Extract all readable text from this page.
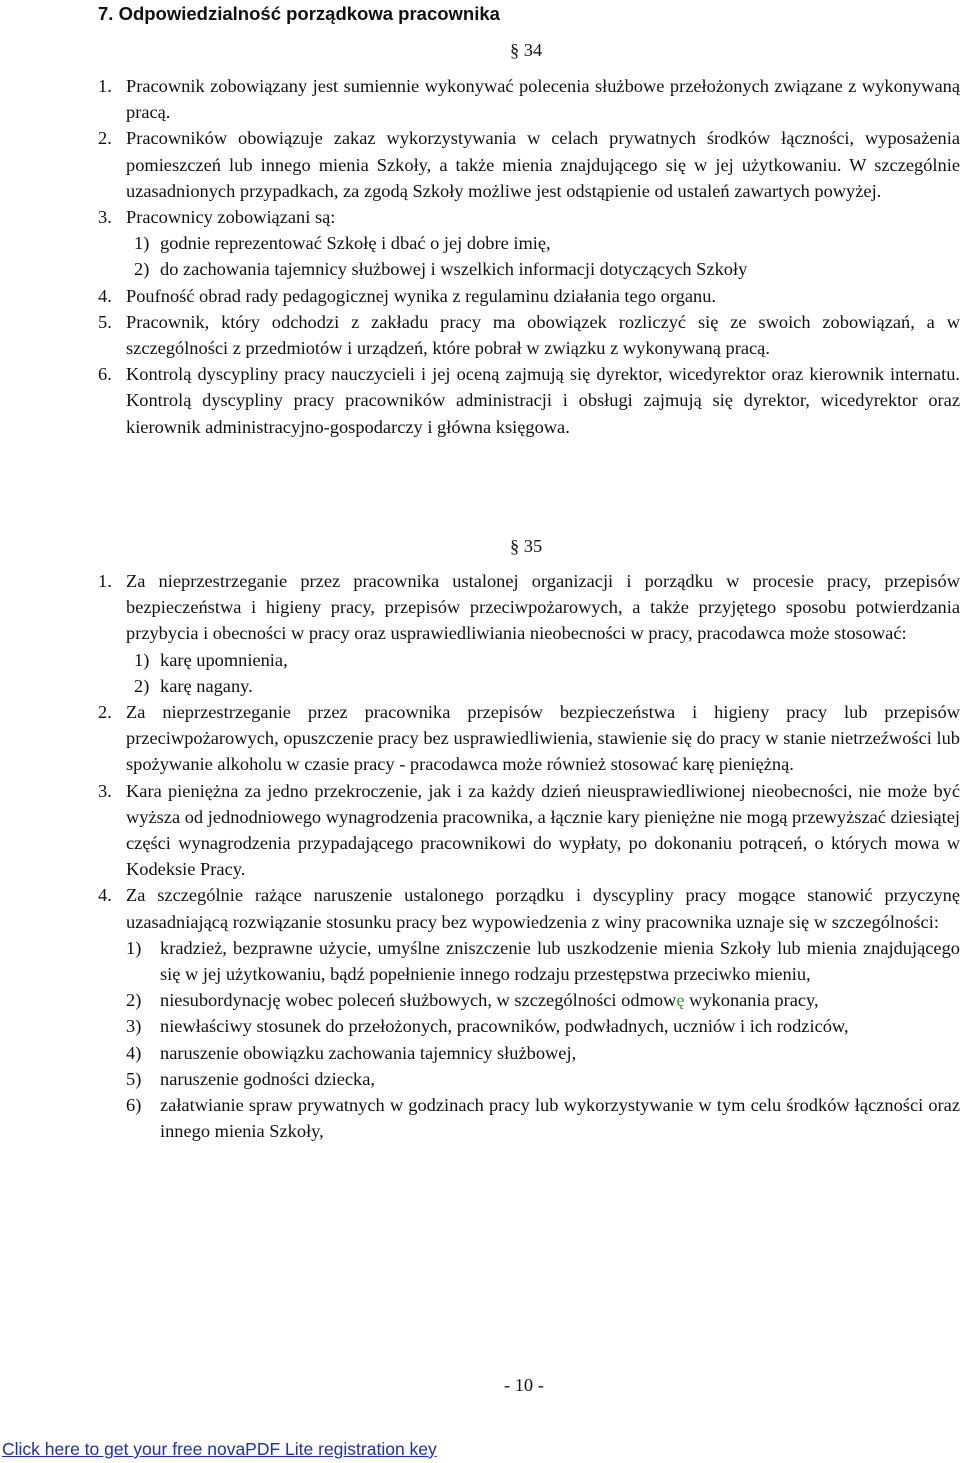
7. Odpowiedzialność porządkowa pracownika
§ 34
1. Pracownik zobowiązany jest sumiennie wykonywać polecenia służbowe przełożonych związane z wykonywaną pracą.
2. Pracowników obowiązuje zakaz wykorzystywania w celach prywatnych środków łączności, wyposażenia pomieszczeń lub innego mienia Szkoły, a także mienia znajdującego się w jej użytkowaniu. W szczególnie uzasadnionych przypadkach, za zgodą Szkoły możliwe jest odstąpienie od ustaleń zawartych powyżej.
3. Pracownicy zobowiązani są:
1) godnie reprezentować Szkołę i dbać o jej dobre imię,
2) do zachowania tajemnicy służbowej i wszelkich informacji dotyczących Szkoły
4. Poufność obrad rady pedagogicznej wynika z regulaminu działania tego organu.
5. Pracownik, który odchodzi z zakładu pracy ma obowiązek rozliczyć się ze swoich zobowiązań, a w szczególności z przedmiotów i urządzeń, które pobrał w związku z wykonywaną pracą.
6. Kontrolą dyscypliny pracy nauczycieli i jej oceną zajmują się dyrektor, wicedyrektor oraz kierownik internatu. Kontrolą dyscypliny pracy pracowników administracji i obsługi zajmują się dyrektor, wicedyrektor oraz kierownik administracyjno-gospodarczy i główna księgowa.
§ 35
1. Za nieprzestrzeganie przez pracownika ustalonej organizacji i porządku w procesie pracy, przepisów bezpieczeństwa i higieny pracy, przepisów przeciwpożarowych, a także przyjętego sposobu potwierdzania przybycia i obecności w pracy oraz usprawiedliwiania nieobecności w pracy, pracodawca może stosować:
1) karę upomnienia,
2) karę nagany.
2. Za nieprzestrzeganie przez pracownika przepisów bezpieczeństwa i higieny pracy lub przepisów przeciwpożarowych, opuszczenie pracy bez usprawiedliwienia, stawienie się do pracy w stanie nietrzeźwości lub spożywanie alkoholu w czasie pracy - pracodawca może również stosować karę pieniężną.
3. Kara pieniężna za jedno przekroczenie, jak i za każdy dzień nieusprawiedliwionej nieobecności, nie może być wyższa od jednodniowego wynagrodzenia pracownika, a łącznie kary pieniężne nie mogą przewyższać dziesiątej części wynagrodzenia przypadającego pracownikowi do wypłaty, po dokonaniu potrąceń, o których mowa w Kodeksie Pracy.
4. Za szczególnie rażące naruszenie ustalonego porządku i dyscypliny pracy mogące stanowić przyczynę uzasadniającą rozwiązanie stosunku pracy bez wypowiedzenia z winy pracownika uznaje się w szczególności:
1) kradzież, bezprawne użycie, umyślne zniszczenie lub uszkodzenie mienia Szkoły lub mienia znajdującego się w jej użytkowaniu, bądź popełnienie innego rodzaju przestępstwa przeciwko mieniu,
2) niesubordynację wobec poleceń służbowych, w szczególności odmowę wykonania pracy,
3) niewłaściwy stosunek do przełożonych, pracowników, podwładnych, uczniów i ich rodziców,
4) naruszenie obowiązku zachowania tajemnicy służbowej,
5) naruszenie godności dziecka,
6) załatwianie spraw prywatnych w godzinach pracy lub wykorzystywanie w tym celu środków łączności oraz innego mienia Szkoły,
- 10 -
Click here to get your free novaPDF Lite registration key
